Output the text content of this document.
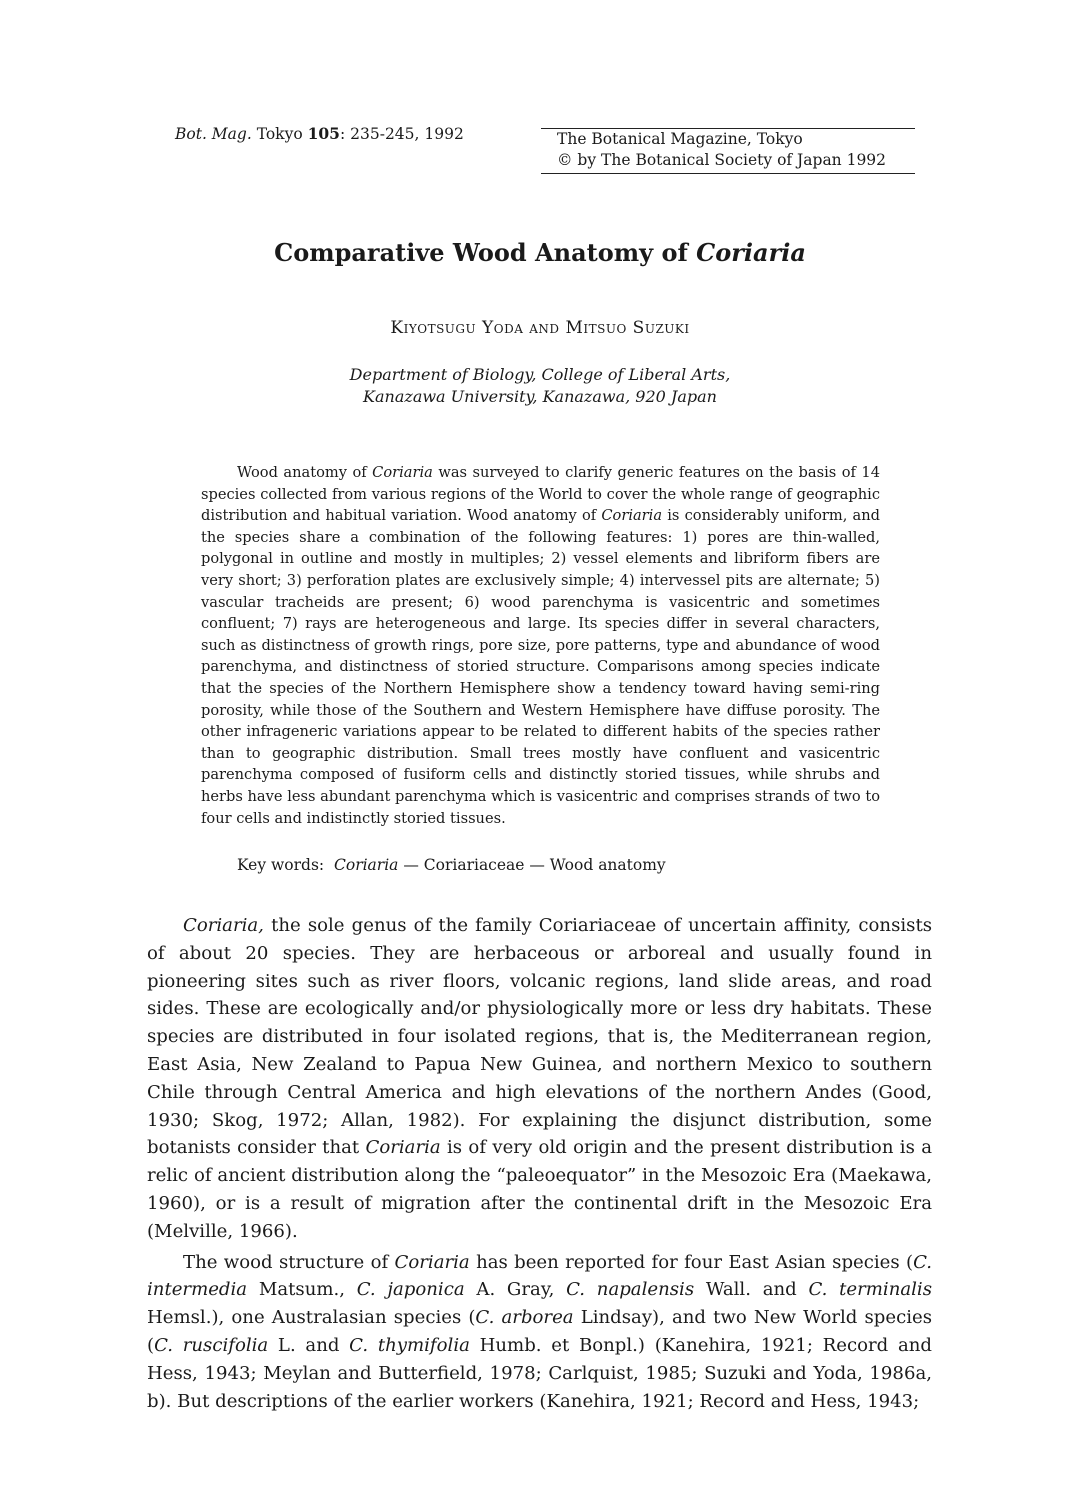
Bot. Mag. Tokyo 105: 235-245, 1992	The Botanical Magazine, Tokyo
© by The Botanical Society of Japan 1992
Comparative Wood Anatomy of Coriaria
Kiyotsugu Yoda and Mitsuo Suzuki
Department of Biology, College of Liberal Arts,
Kanazawa University, Kanazawa, 920 Japan
Wood anatomy of Coriaria was surveyed to clarify generic features on the basis of 14 species collected from various regions of the World to cover the whole range of geographic distribution and habitual variation. Wood anatomy of Coriaria is considerably uniform, and the species share a combination of the following features: 1) pores are thin-walled, polygonal in outline and mostly in multiples; 2) vessel elements and libriform fibers are very short; 3) perforation plates are exclusively simple; 4) intervessel pits are alternate; 5) vascular tracheids are present; 6) wood parenchyma is vasicentric and sometimes confluent; 7) rays are heterogeneous and large. Its species differ in several characters, such as distinctness of growth rings, pore size, pore patterns, type and abundance of wood parenchyma, and distinctness of storied structure. Comparisons among species indicate that the species of the Northern Hemisphere show a tendency toward having semi-ring porosity, while those of the Southern and Western Hemisphere have diffuse porosity. The other infrageneric variations appear to be related to different habits of the species rather than to geographic distribution. Small trees mostly have confluent and vasicentric parenchyma composed of fusiform cells and distinctly storied tissues, while shrubs and herbs have less abundant parenchyma which is vasicentric and comprises strands of two to four cells and indistinctly storied tissues.
Key words: Coriaria — Coriariaceae — Wood anatomy

Coriaria, the sole genus of the family Coriariaceae of uncertain affinity, consists of about 20 species. They are herbaceous or arboreal and usually found in pioneering sites such as river floors, volcanic regions, land slide areas, and road sides. These are ecologically and/or physiologically more or less dry habitats. These species are distributed in four isolated regions, that is, the Mediterranean region, East Asia, New Zealand to Papua New Guinea, and northern Mexico to southern Chile through Central America and high elevations of the northern Andes (Good, 1930; Skog, 1972; Allan, 1982). For explaining the disjunct distribution, some botanists consider that Coriaria is of very old origin and the present distribution is a relic of ancient distribution along the “paleoequator” in the Mesozoic Era (Maekawa, 1960), or is a result of migration after the continental drift in the Mesozoic Era (Melville, 1966).

The wood structure of Coriaria has been reported for four East Asian species (C. intermedia Matsum., C. japonica A. Gray, C. napalensis Wall. and C. terminalis Hemsl.), one Australasian species (C. arborea Lindsay), and two New World species (C. ruscifolia L. and C. thymifolia Humb. et Bonpl.) (Kanehira, 1921; Record and Hess, 1943; Meylan and Butterfield, 1978; Carlquist, 1985; Suzuki and Yoda, 1986a, b). But descriptions of the earlier workers (Kanehira, 1921; Record and Hess, 1943;
